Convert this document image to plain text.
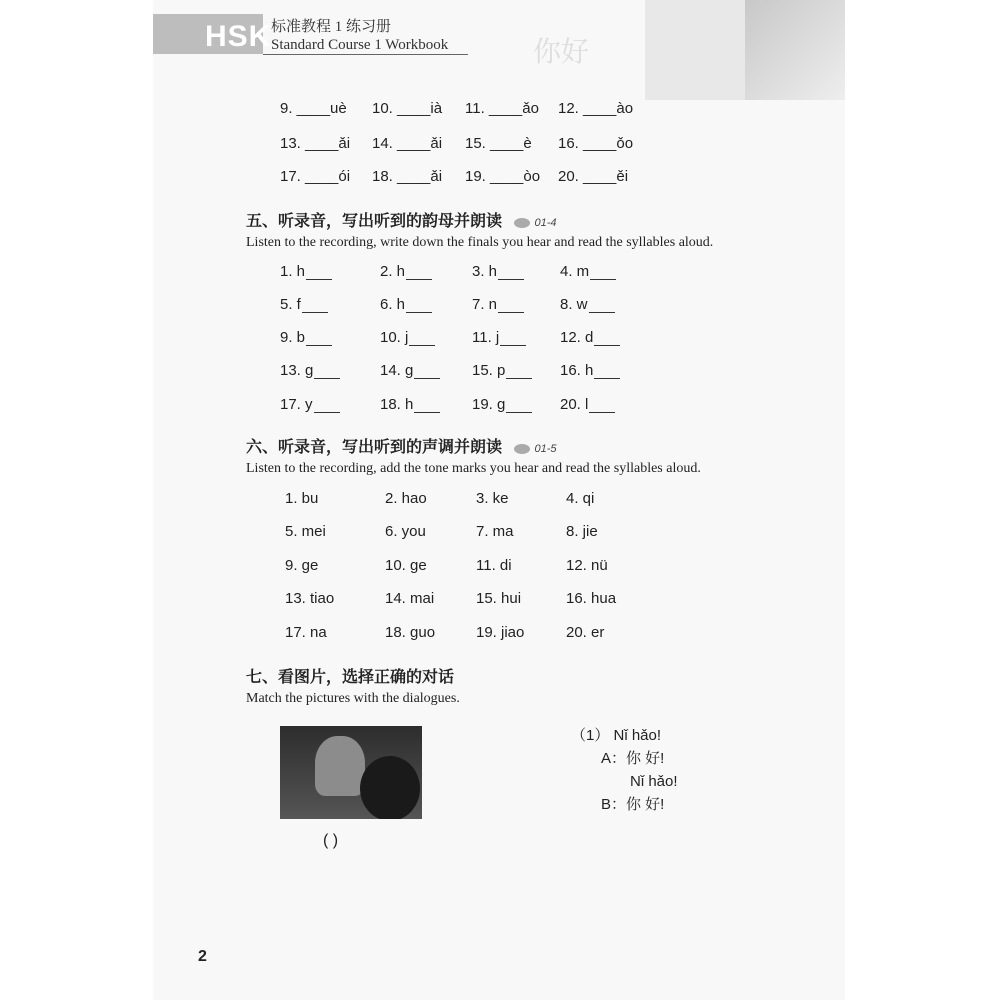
你好
HSK 标准教程 1 练习册
Standard Course 1 Workbook
9. ____uè	10. ____ià	11. ____ǎo	12. ____ào
13. ____ǎi	14. ____ǎi	15. ____è	16. ____ǒo
17. ____ói	18. ____ǎi	19. ____òo	20. ____ěi
五、听录音，写出听到的韵母并朗读	01-4
Listen to the recording, write down the finals you hear and read the syllables aloud.
1. h	2. h	3. h	4. m
5. f	6. h	7. n	8. w
9. b	10. j	11. j	12. d
13. g	14. g	15. p	16. h
17. y	18. h	19. g	20. l
六、听录音，写出听到的声调并朗读	01-5
Listen to the recording, add the tone marks you hear and read the syllables aloud.
1. bu	2. hao	3. ke	4. qi
5. mei	6. you	7. ma	8. jie
9. ge	10. ge	11. di	12. nü
13. tiao	14. mai	15. hui	16. hua
17. na	18. guo	19. jiao	20. er
七、看图片，选择正确的对话
Match the pictures with the dialogues.
( )
（1） Nǐ hǎo!
A：你 好!
Nǐ hǎo!
B：你 好!
2
